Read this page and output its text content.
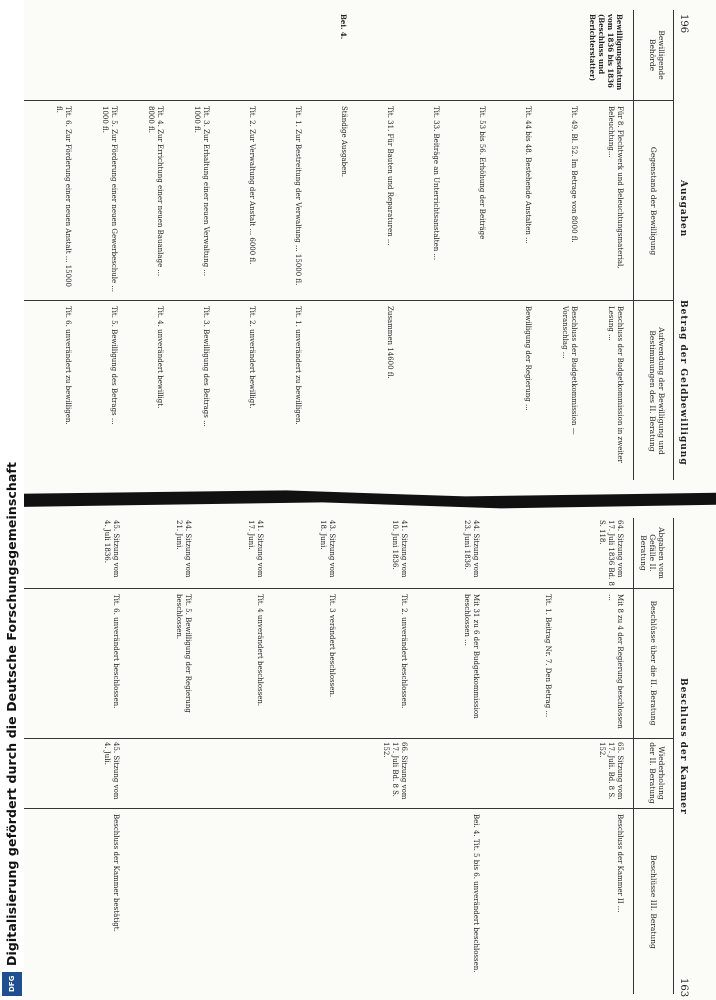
196
Ausgaben
Betrag der Geldbewilligung
Bewilligende Behörde
Gegenstand der Bewilligung
Aufwendung der Bewilligung und Bestimmungen des II. Beratung
Bewilligungsdatum vom 1836 bis 1836 (Beschluss und Berichterstatter)
Für 8. Flechtwerk und Beleuchtungsmaterial, Beleuchtung...
Beschluss der Budgetkommission in zweiter Lesung ...
Tit. 49. Bl. 52. Im Betrage von 8000 fl.
Beschluss der Budgetkommission — Voranschlag ...
Tit. 44 bis 48. Bestehende Anstalten ...
Bewilligung der Regierung ...
Tit. 53 bis 56. Erhöhung der Beiträge
Tit. 33. Beiträge an Unterrichtsanstalten ...
Tit. 31. Für Bauten und Reparaturen ...
Zusammen 14600 fl.
Bei. 4.
Ständige Ausgaben.
Tit. 1. Zur Bestreitung der Verwaltung ... 15000 fl.
Tit. 1. unverändert zu bewilligen.
Tit. 2. Zur Verwaltung der Anstalt ... 6000 fl.
Tit. 2. unverändert bewilligt.
Tit. 3. Zur Erhaltung einer neuen Verwaltung ... 1000 fl.
Tit. 3. Bewilligung des Beitrags ...
Tit. 4. Zur Errichtung einer neuen Bauanlage ... 8000 fl.
Tit. 4. unverändert bewilligt.
Tit. 5. Zur Förderung einer neuen Gewerbeschule ... 1000 fl.
Tit. 5. Bewilligung des Betrags ...
Tit. 6. Zur Förderung einer neuen Anstalt ... 15000 fl.
Tit. 6. unverändert zu bewilligen.
163
Beschluss der Kammer
Abgaben vom Gefälle II. Beratung
Beschlüsse über die II. Beratung
Wiederholung der II. Beratung
Beschlüsse III. Beratung
64. Sitzung vom 17. Juli 1836 Bd. 8 S. 118.
Mit 8 zu 4 der Regierung beschlossen ...
65. Sitzung vom 17. Juli. Bd. 8 S. 152.
Beschluss der Kammer II ...
Tit. 1. Beitrag Nr. 7. Den Betrag ...
44. Sitzung vom 23. Juni 1836.
Mit 31 zu 6 der Budgetkommission beschlossen ...
Bei. 4. Tit. 5 bis 6. unverändert beschlossen.
41. Sitzung vom 10. Juni 1836.
Tit. 2. unverändert beschlossen.
66. Sitzung vom 17. Juli Bd. 8 S. 152.
43. Sitzung vom 18. Juni.
Tit. 3 verändert beschlossen.
41. Sitzung vom 17. Juni.
Tit. 4 unverändert beschlossen.
44. Sitzung vom 21. Juni.
Tit. 5. Bewilligung der Regierung beschlossen.
45. Sitzung vom 4. Juli 1836.
Tit. 6. unverändert beschlossen.
45. Sitzung vom 4. Juli.
Beschluss der Kammer bestätigt.
Digitalisierung gefördert durch die Deutsche Forschungsgemeinschaft
DFG
